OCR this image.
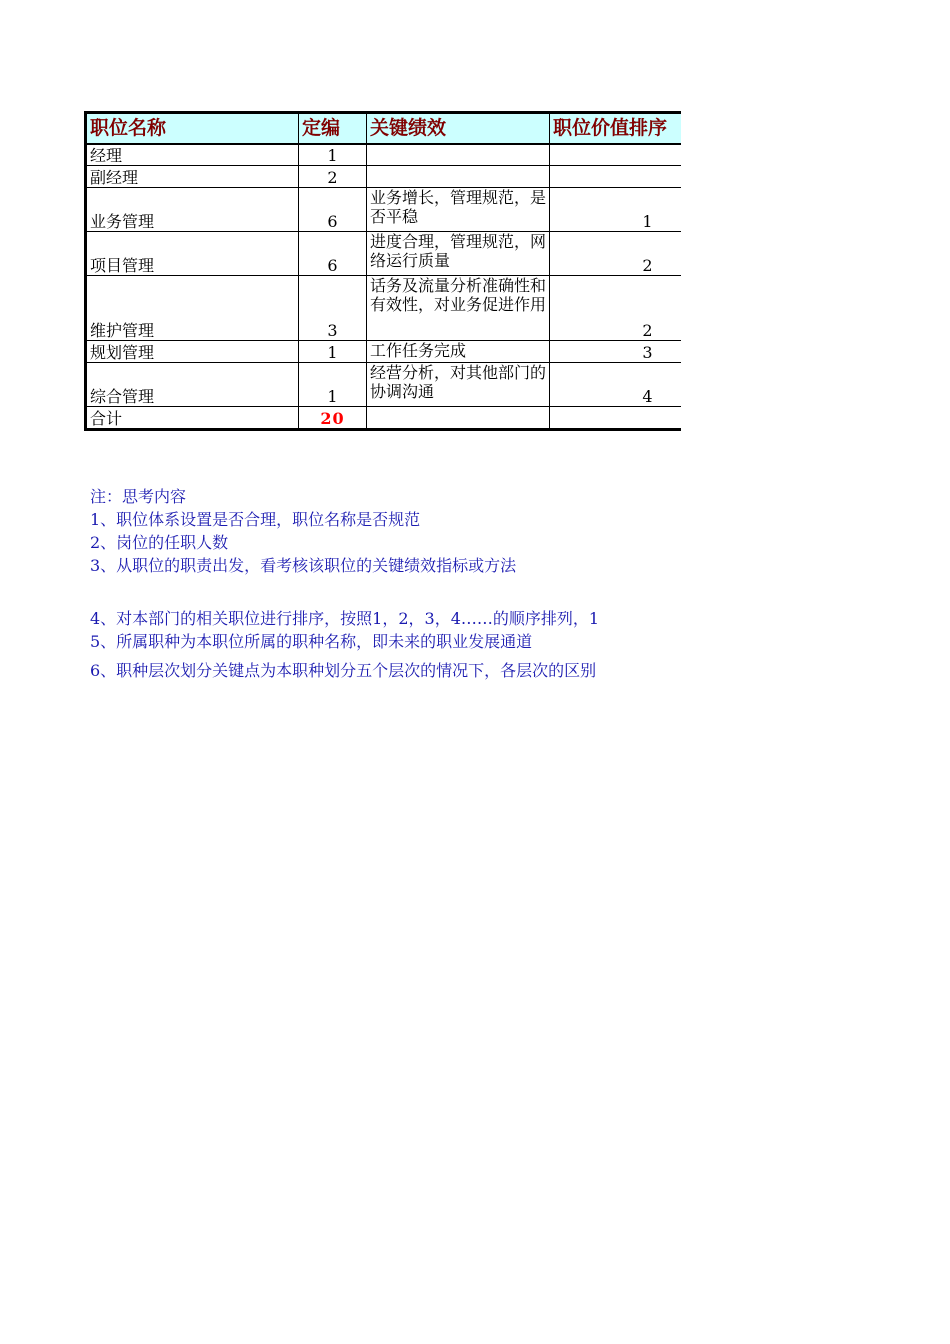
职位名称	定编	关键绩效	职位价值排序
经理	1		
副经理	2		
业务管理	6	业务增长，管理规范，是否平稳	1
项目管理	6	进度合理，管理规范，网络运行质量	2
维护管理	3	话务及流量分析准确性和有效性，对业务促进作用	2
规划管理	1	工作任务完成	3
综合管理	1	经营分析，对其他部门的协调沟通	4
合计	20		
注：思考内容
1、职位体系设置是否合理，职位名称是否规范
2、岗位的任职人数
3、从职位的职责出发，看考核该职位的关键绩效指标或方法
4、对本部门的相关职位进行排序，按照1，2，3，4……的顺序排列，1
5、所属职种为本职位所属的职种名称，即未来的职业发展通道
6、职种层次划分关键点为本职种划分五个层次的情况下，各层次的区别
